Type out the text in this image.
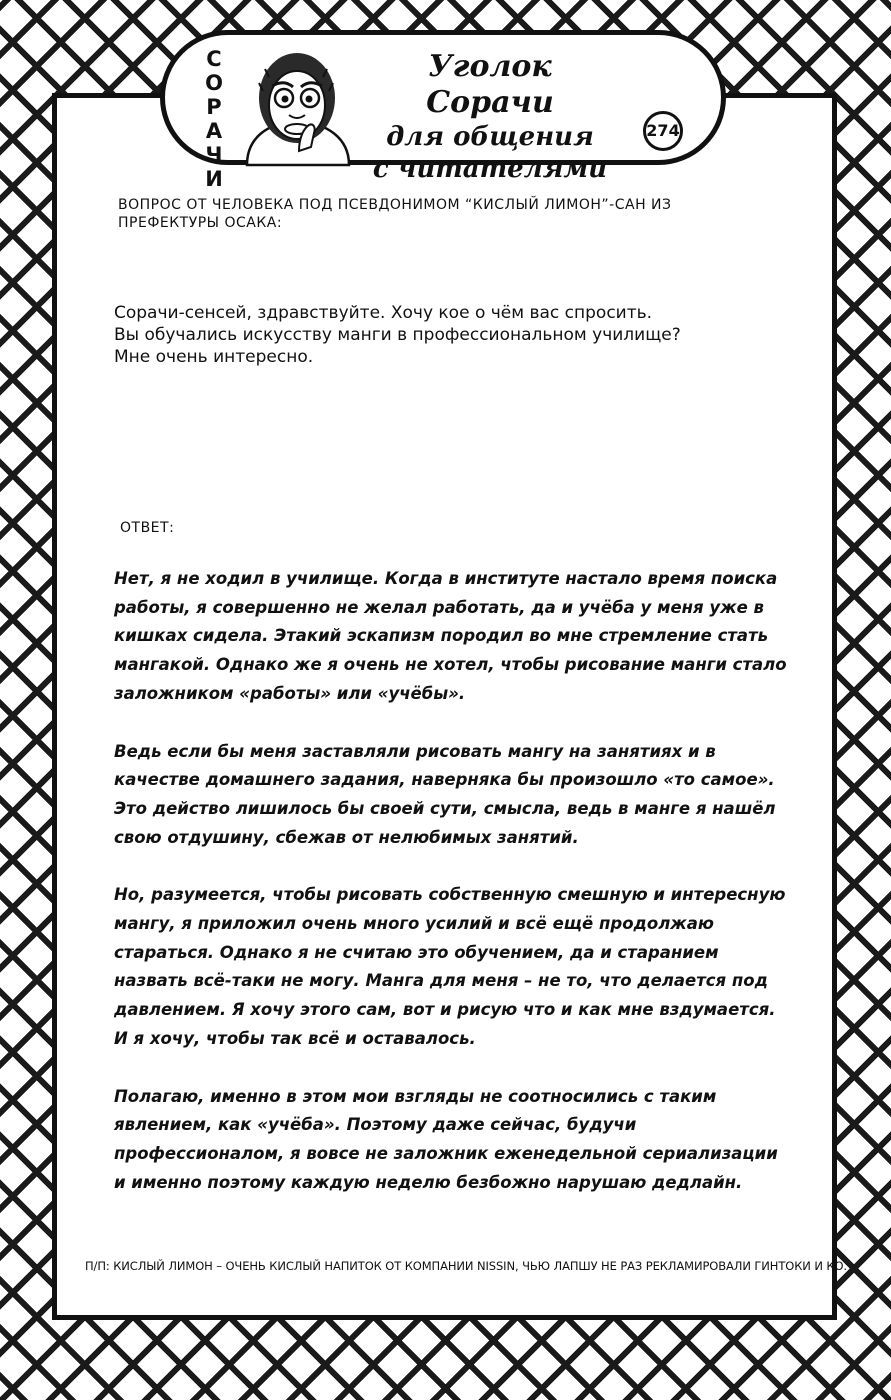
СОРАЧИ
Уголок Сорачи
для общения
с читателями
274
ВОПРОС ОТ ЧЕЛОВЕКА ПОД ПСЕВДОНИМОМ “КИСЛЫЙ ЛИМОН”-САН ИЗ ПРЕФЕКТУРЫ ОСАКА:

Сорачи-сенсей, здравствуйте. Хочу кое о чём вас спросить.

Вы обучались искусству манги в профессиональном училище?

Мне очень интересно.

ОТВЕТ:

Нет, я не ходил в училище. Когда в институте настало время поиска работы, я совершенно не желал работать, да и учёба у меня уже в кишках сидела. Этакий эскапизм породил во мне стремление стать мангакой. Однако же я очень не хотел, чтобы рисование манги стало заложником «работы» или «учёбы».

Ведь если бы меня заставляли рисовать мангу на занятиях и в качестве домашнего задания, наверняка бы произошло «то самое». Это действо лишилось бы своей сути, смысла, ведь в манге я нашёл свою отдушину, сбежав от нелюбимых занятий.

Но, разумеется, чтобы рисовать собственную смешную и интересную мангу, я приложил очень много усилий и всё ещё продолжаю стараться. Однако я не считаю это обучением, да и старанием назвать всё-таки не могу. Манга для меня – не то, что делается под давлением. Я хочу этого сам, вот и рисую что и как мне вздумается. И я хочу, чтобы так всё и оставалось.

Полагаю, именно в этом мои взгляды не соотносились с таким явлением, как «учёба». Поэтому даже сейчас, будучи профессионалом, я вовсе не заложник еженедельной сериализации и именно поэтому каждую неделю безбожно нарушаю дедлайн.

П/П: КИСЛЫЙ ЛИМОН – ОЧЕНЬ КИСЛЫЙ НАПИТОК ОТ КОМПАНИИ NISSIN, ЧЬЮ ЛАПШУ НЕ РАЗ РЕКЛАМИРОВАЛИ ГИНТОКИ И КО.
